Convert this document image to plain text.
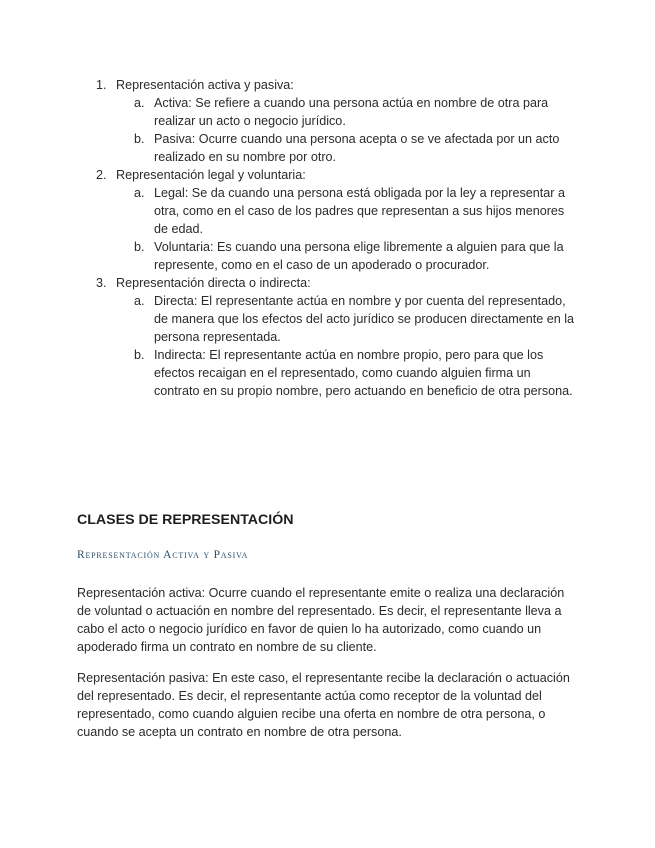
1. Representación activa y pasiva:
a. Activa: Se refiere a cuando una persona actúa en nombre de otra para realizar un acto o negocio jurídico.
b. Pasiva: Ocurre cuando una persona acepta o se ve afectada por un acto realizado en su nombre por otro.
2. Representación legal y voluntaria:
a. Legal: Se da cuando una persona está obligada por la ley a representar a otra, como en el caso de los padres que representan a sus hijos menores de edad.
b. Voluntaria: Es cuando una persona elige libremente a alguien para que la represente, como en el caso de un apoderado o procurador.
3. Representación directa o indirecta:
a. Directa: El representante actúa en nombre y por cuenta del representado, de manera que los efectos del acto jurídico se producen directamente en la persona representada.
b. Indirecta: El representante actúa en nombre propio, pero para que los efectos recaigan en el representado, como cuando alguien firma un contrato en su propio nombre, pero actuando en beneficio de otra persona.
CLASES DE REPRESENTACIÓN
Representación Activa y Pasiva

Representación activa: Ocurre cuando el representante emite o realiza una declaración de voluntad o actuación en nombre del representado. Es decir, el representante lleva a cabo el acto o negocio jurídico en favor de quien lo ha autorizado, como cuando un apoderado firma un contrato en nombre de su cliente.

Representación pasiva: En este caso, el representante recibe la declaración o actuación del representado. Es decir, el representante actúa como receptor de la voluntad del representado, como cuando alguien recibe una oferta en nombre de otra persona, o cuando se acepta un contrato en nombre de otra persona.
